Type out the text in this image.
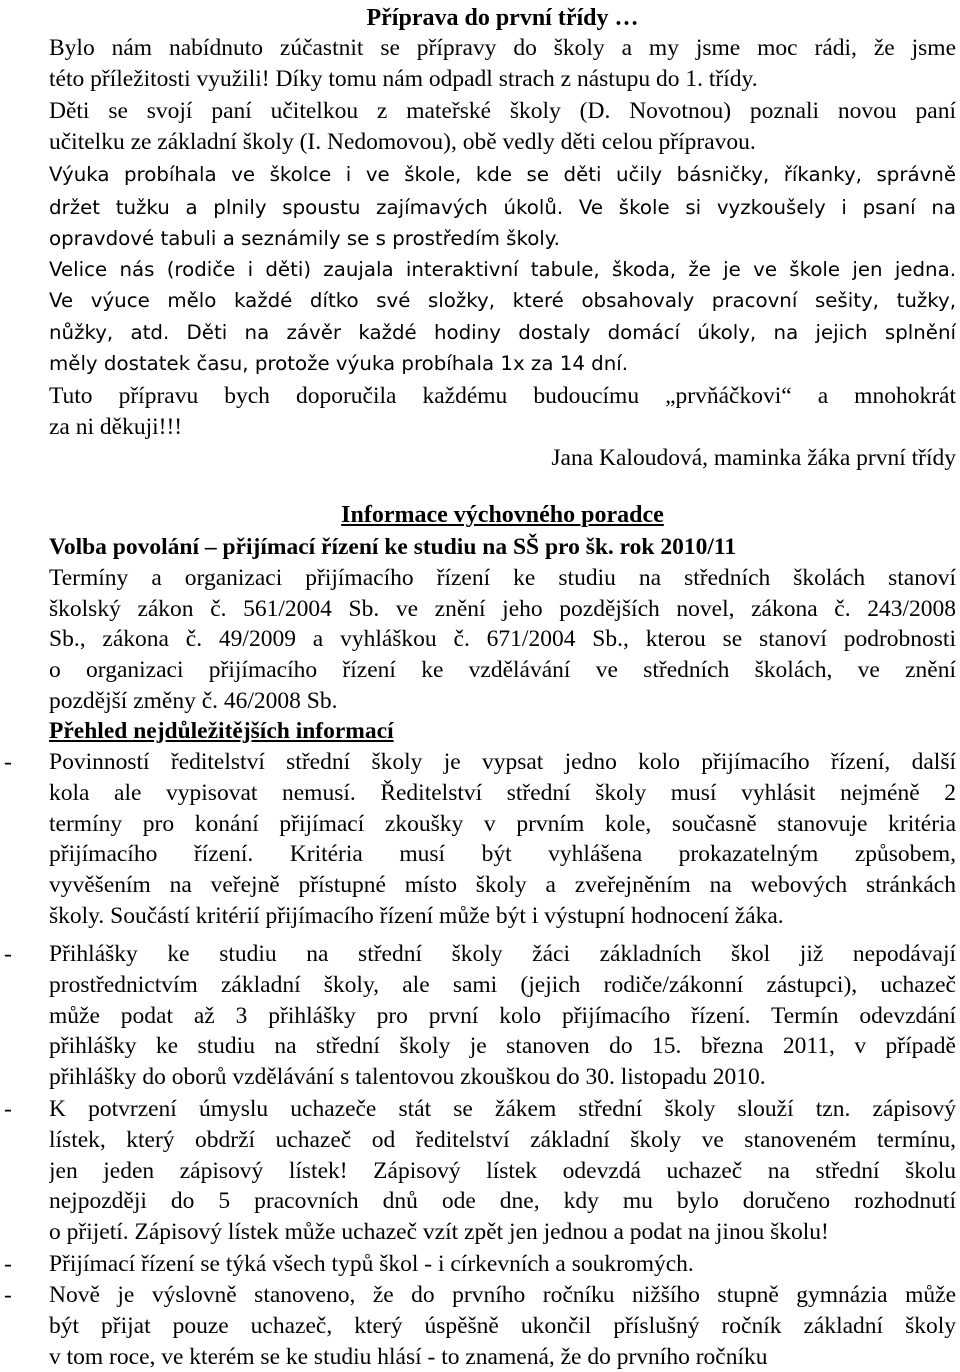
Příprava do první třídy …
Bylo nám nabídnuto zúčastnit se přípravy do školy a my jsme moc rádi, že jsme
této příležitosti využili! Díky tomu nám odpadl strach z nástupu do 1. třídy.
Děti se svojí paní učitelkou z mateřské školy (D. Novotnou) poznali novou paní
učitelku ze základní školy (I. Nedomovou), obě vedly děti celou přípravou.
Výuka probíhala ve školce i ve škole, kde se děti učily básničky, říkanky, správně
držet tužku a plnily spoustu zajímavých úkolů. Ve škole si vyzkoušely i psaní na
opravdové tabuli a seznámily se s prostředím školy.
Velice nás (rodiče i děti) zaujala interaktivní tabule, škoda, že je ve škole jen jedna.
Ve výuce mělo každé dítko své složky, které obsahovaly pracovní sešity, tužky,
nůžky, atd. Děti na závěr každé hodiny dostaly domácí úkoly, na jejich splnění
měly dostatek času, protože výuka probíhala 1x za 14 dní.
Tuto přípravu bych doporučila každému budoucímu „prvňáčkovi“ a mnohokrát
za ni děkuji!!!
Jana Kaloudová, maminka žáka první třídy
Informace výchovného poradce
Volba povolání – přijímací řízení ke studiu na SŠ pro šk. rok 2010/11
Termíny a organizaci přijímacího řízení ke studiu na středních školách stanoví
školský zákon č. 561/2004 Sb. ve znění jeho pozdějších novel, zákona č. 243/2008
Sb., zákona č. 49/2009 a vyhláškou č. 671/2004 Sb., kterou se stanoví podrobnosti
o organizaci přijímacího řízení ke vzdělávání ve středních školách, ve znění
pozdější změny č. 46/2008 Sb.
Přehled nejdůležitějších informací
-	Povinností ředitelství střední školy je vypsat jedno kolo přijímacího řízení, další
kola ale vypisovat nemusí. Ředitelství střední školy musí vyhlásit nejméně 2
termíny pro konání přijímací zkoušky v prvním kole, současně stanovuje kritéria
přijímacího řízení. Kritéria musí být vyhlášena prokazatelným způsobem,
vyvěšením na veřejně přístupné místo školy a zveřejněním na webových stránkách
školy. Součástí kritérií přijímacího řízení může být i výstupní hodnocení žáka.
-	Přihlášky ke studiu na střední školy žáci základních škol již nepodávají
prostřednictvím základní školy, ale sami (jejich rodiče/zákonní zástupci), uchazeč
může podat až 3 přihlášky pro první kolo přijímacího řízení. Termín odevzdání
přihlášky ke studiu na střední školy je stanoven do 15. března 2011, v případě
přihlášky do oborů vzdělávání s talentovou zkouškou do 30. listopadu 2010.
-	K potvrzení úmyslu uchazeče stát se žákem střední školy slouží tzn. zápisový
lístek, který obdrží uchazeč od ředitelství základní školy ve stanoveném termínu,
jen jeden zápisový lístek! Zápisový lístek odevzdá uchazeč na střední školu
nejpozději do 5 pracovních dnů ode dne, kdy mu bylo doručeno rozhodnutí
o přijetí. Zápisový lístek může uchazeč vzít zpět jen jednou a podat na jinou školu!
-	Přijímací řízení se týká všech typů škol - i církevních a soukromých.
-	Nově je výslovně stanoveno, že do prvního ročníku nižšího stupně gymnázia může
být přijat pouze uchazeč, který úspěšně ukončil příslušný ročník základní školy
v tom roce, ve kterém se ke studiu hlásí - to znamená, že do prvního ročníku
